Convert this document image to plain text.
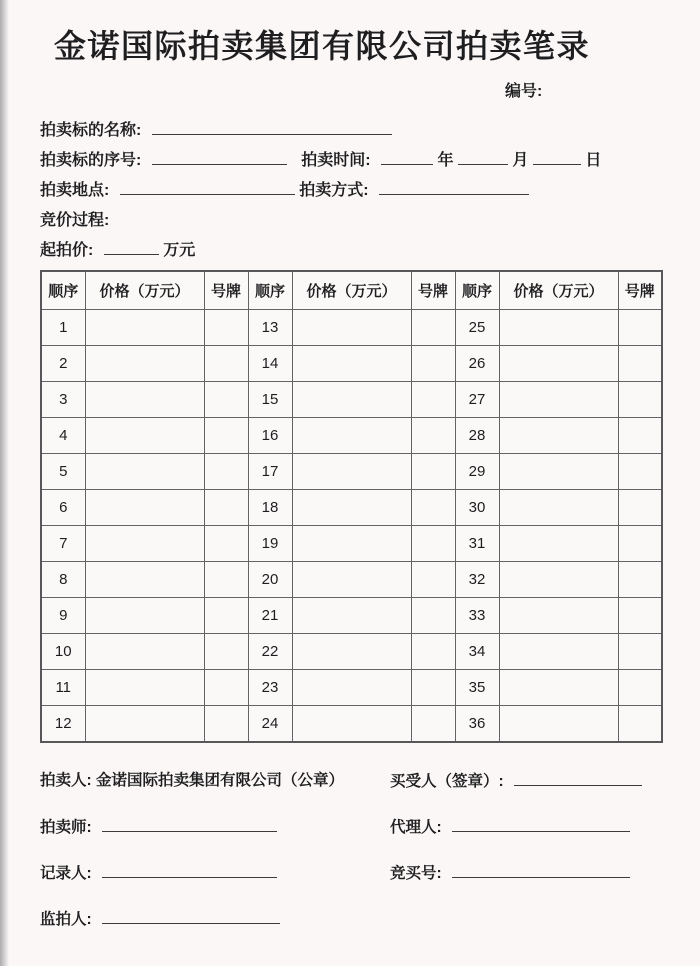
金诺国际拍卖集团有限公司拍卖笔录
编号:
拍卖标的名称:
拍卖标的序号:	拍卖时间:	年	月	日
拍卖地点:	拍卖方式:
竞价过程:
起拍价:	万元
顺序	价格（万元）	号牌	顺序	价格（万元）	号牌	顺序	价格（万元）	号牌
1			13			25		
2			14			26		
3			15			27		
4			16			28		
5			17			29		
6			18			30		
7			19			31		
8			20			32		
9			21			33		
10			22			34		
11			23			35		
12			24			36		
拍卖人: 金诺国际拍卖集团有限公司（公章）	买受人（签章）:
拍卖师:	代理人:
记录人:	竞买号:
监拍人:
